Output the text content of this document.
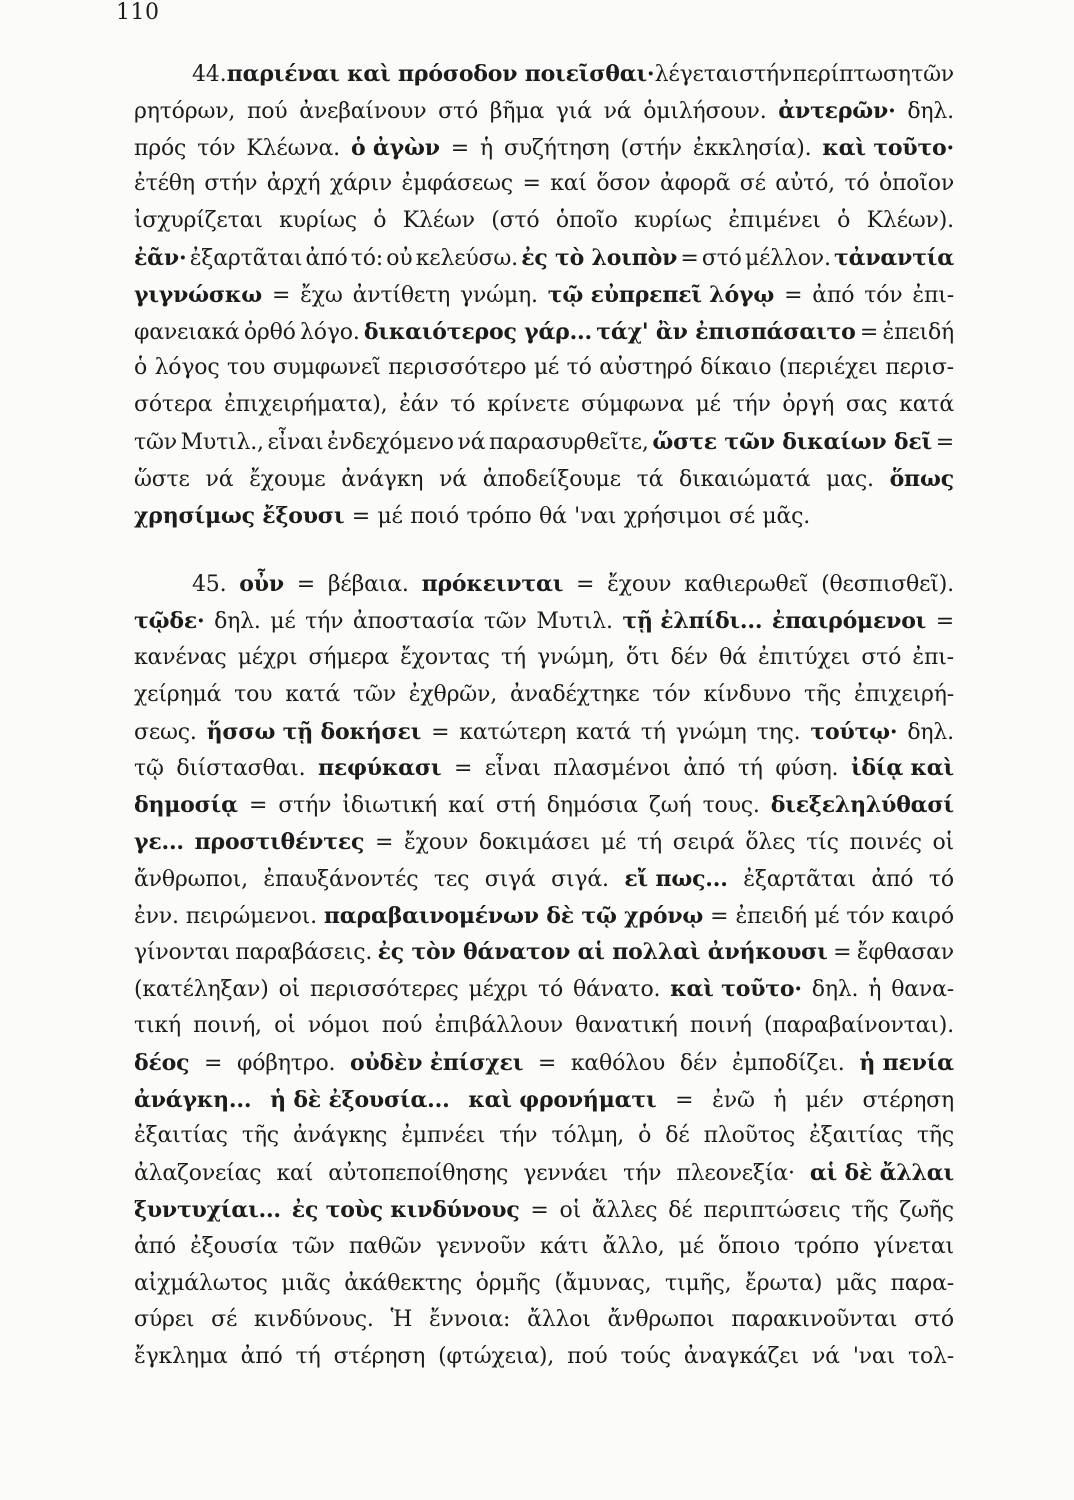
110
44. παριέναι καὶ πρόσοδον ποιεῖσθαι· λέγεται στήν περίπτωση τῶν
ρητόρων, πού ἀνεβαίνουν στό βῆμα γιά νά ὁμιλήσουν. ἀντερῶν· δηλ.
πρός τόν Κλέωνα. ὁ ἀγὼν = ἡ συζήτηση (στήν ἐκκλησία). καὶ τοῦτο·
ἐτέθη στήν ἀρχή χάριν ἐμφάσεως = καί ὅσον ἀφορᾶ σέ αὐτό, τό ὁποῖον
ἰσχυρίζεται κυρίως ὁ Κλέων (στό ὁποῖο κυρίως ἐπιμένει ὁ Κλέων).
ἐᾶν· ἐξαρτᾶται ἀπό τό: οὐ κελεύσω. ἐς τὸ λοιπὸν = στό μέλλον. τἀναντία
γιγνώσκω = ἔχω ἀντίθετη γνώμη. τῷ εὐπρεπεῖ λόγῳ = ἀπό τόν ἐπι-
φανειακά ὀρθό λόγο. δικαιότερος γάρ... τάχ' ἂν ἐπισπάσαιτο = ἐπειδή
ὁ λόγος του συμφωνεῖ περισσότερο μέ τό αὐστηρό δίκαιο (περιέχει περισ-
σότερα ἐπιχειρήματα), ἐάν τό κρίνετε σύμφωνα μέ τήν ὀργή σας κατά
τῶν Μυτιλ., εἶναι ἐνδεχόμενο νά παρασυρθεῖτε, ὥστε τῶν δικαίων δεῖ =
ὥστε νά ἔχουμε ἀνάγκη νά ἀποδείξουμε τά δικαιώματά μας. ὅπως
χρησίμως ἔξουσι = μέ ποιό τρόπο θά 'ναι χρήσιμοι σέ μᾶς.
45. οὖν = βέβαια. πρόκεινται = ἔχουν καθιερωθεῖ (θεσπισθεῖ).
τῷδε· δηλ. μέ τήν ἀποστασία τῶν Μυτιλ. τῇ ἐλπίδι... ἐπαιρόμενοι =
κανένας μέχρι σήμερα ἔχοντας τή γνώμη, ὅτι δέν θά ἐπιτύχει στό ἐπι-
χείρημά του κατά τῶν ἐχθρῶν, ἀναδέχτηκε τόν κίνδυνο τῆς ἐπιχειρή-
σεως. ἥσσω τῇ δοκήσει = κατώτερη κατά τή γνώμη της. τούτῳ· δηλ.
τῷ διίστασθαι. πεφύκασι = εἶναι πλασμένοι ἀπό τή φύση. ἰδίᾳ καὶ
δημοσίᾳ = στήν ἰδιωτική καί στή δημόσια ζωή τους. διεξεληλύθασί
γε... προστιθέντες = ἔχουν δοκιμάσει μέ τή σειρά ὅλες τίς ποινές οἱ
ἄνθρωποι, ἐπαυξάνοντές τες σιγά σιγά. εἴ πως... ἐξαρτᾶται ἀπό τό
ἐνν. πειρώμενοι. παραβαινομένων δὲ τῷ χρόνῳ = ἐπειδή μέ τόν καιρό
γίνονται παραβάσεις. ἐς τὸν θάνατον αἱ πολλαὶ ἀνήκουσι = ἔφθασαν
(κατέληξαν) οἱ περισσότερες μέχρι τό θάνατο. καὶ τοῦτο· δηλ. ἡ θανα-
τική ποινή, οἱ νόμοι πού ἐπιβάλλουν θανατική ποινή (παραβαίνονται).
δέος = φόβητρο. οὐδὲν ἐπίσχει = καθόλου δέν ἐμποδίζει. ἡ πενία
ἀνάγκη... ἡ δὲ ἐξουσία... καὶ φρονήματι = ἐνῶ ἡ μέν στέρηση
ἐξαιτίας τῆς ἀνάγκης ἐμπνέει τήν τόλμη, ὁ δέ πλοῦτος ἐξαιτίας τῆς
ἀλαζονείας καί αὐτοπεποίθησης γεννάει τήν πλεονεξία· αἱ δὲ ἄλλαι
ξυντυχίαι... ἐς τοὺς κινδύνους = οἱ ἄλλες δέ περιπτώσεις τῆς ζωῆς
ἀπό ἐξουσία τῶν παθῶν γεννοῦν κάτι ἄλλο, μέ ὅποιο τρόπο γίνεται
αἰχμάλωτος μιᾶς ἀκάθεκτης ὁρμῆς (ἄμυνας, τιμῆς, ἔρωτα) μᾶς παρα-
σύρει σέ κινδύνους. Ἡ ἔννοια: ἄλλοι ἄνθρωποι παρακινοῦνται στό
ἔγκλημα ἀπό τή στέρηση (φτώχεια), πού τούς ἀναγκάζει νά 'ναι τολ-
